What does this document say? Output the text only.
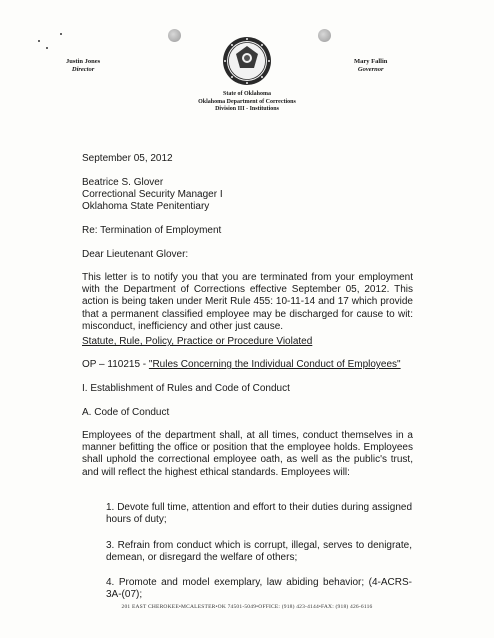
Justin Jones
Director
Mary Fallin
Governor
State of Oklahoma
Oklahoma Department of Corrections
Division III - Institutions

September 05, 2012

Beatrice S. Glover

Correctional Security Manager I

Oklahoma State Penitentiary

Re: Termination of Employment

Dear Lieutenant Glover:

This letter is to notify you that you are terminated from your employment with the Department of Corrections effective September 05, 2012. This action is being taken under Merit Rule 455: 10-11-14 and 17 which provide that a permanent classified employee may be discharged for cause to wit: misconduct, inefficiency and other just cause.

Statute, Rule, Policy, Practice or Procedure Violated

OP – 110215 - "Rules Concerning the Individual Conduct of Employees"

I. Establishment of Rules and Code of Conduct

A. Code of Conduct

Employees of the department shall, at all times, conduct themselves in a manner befitting the office or position that the employee holds. Employees shall uphold the correctional employee oath, as well as the public's trust, and will reflect the highest ethical standards. Employees will:

1. Devote full time, attention and effort to their duties during assigned hours of duty;

3. Refrain from conduct which is corrupt, illegal, serves to denigrate, demean, or disregard the welfare of others;

4. Promote and model exemplary, law abiding behavior; (4-ACRS-3A-(07);

201 EAST CHEROKEE•MCALESTER•OK 74501-5049•OFFICE: (918) 423-4144•FAX: (918) 426-6116
